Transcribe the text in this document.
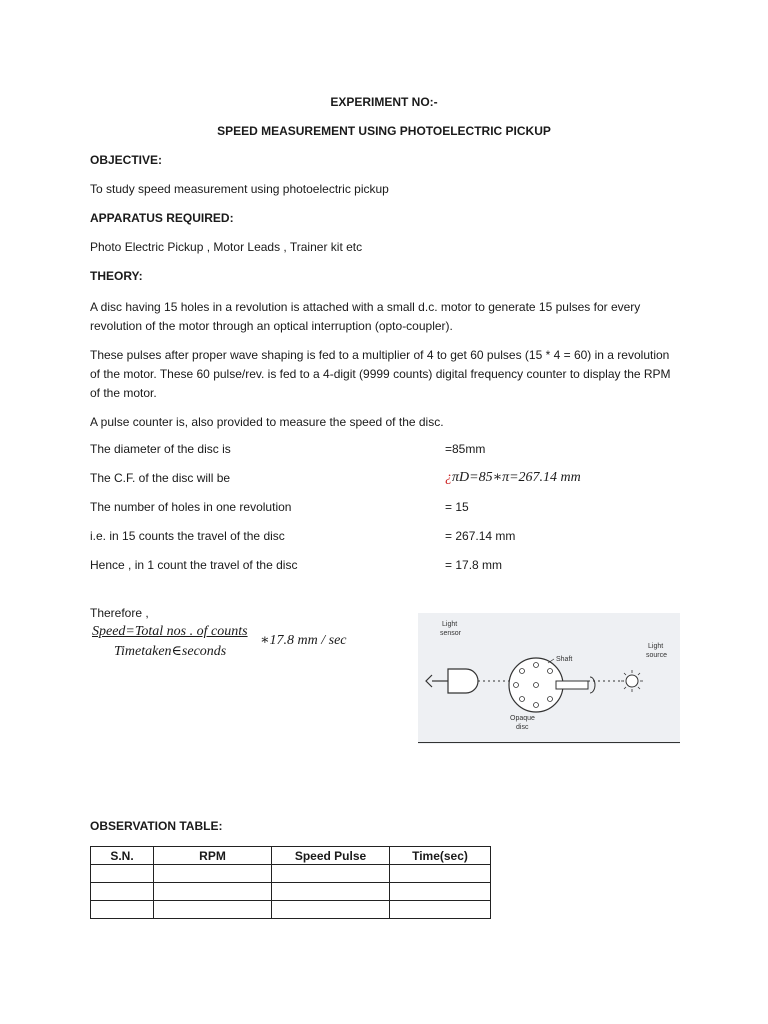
EXPERIMENT NO:-
SPEED MEASUREMENT USING PHOTOELECTRIC PICKUP
OBJECTIVE:
To study speed measurement using photoelectric pickup
APPARATUS REQUIRED:
Photo Electric Pickup , Motor Leads , Trainer kit etc
THEORY:
A disc having 15 holes in a revolution is attached with a small d.c. motor to generate 15 pulses for every revolution of the motor through an optical interruption (opto-coupler).
These pulses after proper wave shaping is fed to a multiplier of 4 to get 60 pulses (15 * 4 = 60) in a revolution of the motor. These 60 pulse/rev. is fed to a 4-digit (9999 counts) digital frequency counter to display the RPM of the motor.
A pulse counter is, also provided to measure the speed of the disc.
The diameter of the disc is	=85mm
The C.F. of the disc will be	¿πD=85∗π=267.14 mm
The number of holes in one revolution	= 15
i.e. in 15 counts the travel of the disc	= 267.14 mm
Hence , in 1 count the travel of the disc	= 17.8 mm
Therefore ,
Speed=Total nos . of counts
∗17.8 mm / sec
Timetaken∈seconds
Light
sensor
Light
source
Shaft
Opaque
disc
OBSERVATION TABLE:
S.N.	RPM	Speed Pulse	Time(sec)
